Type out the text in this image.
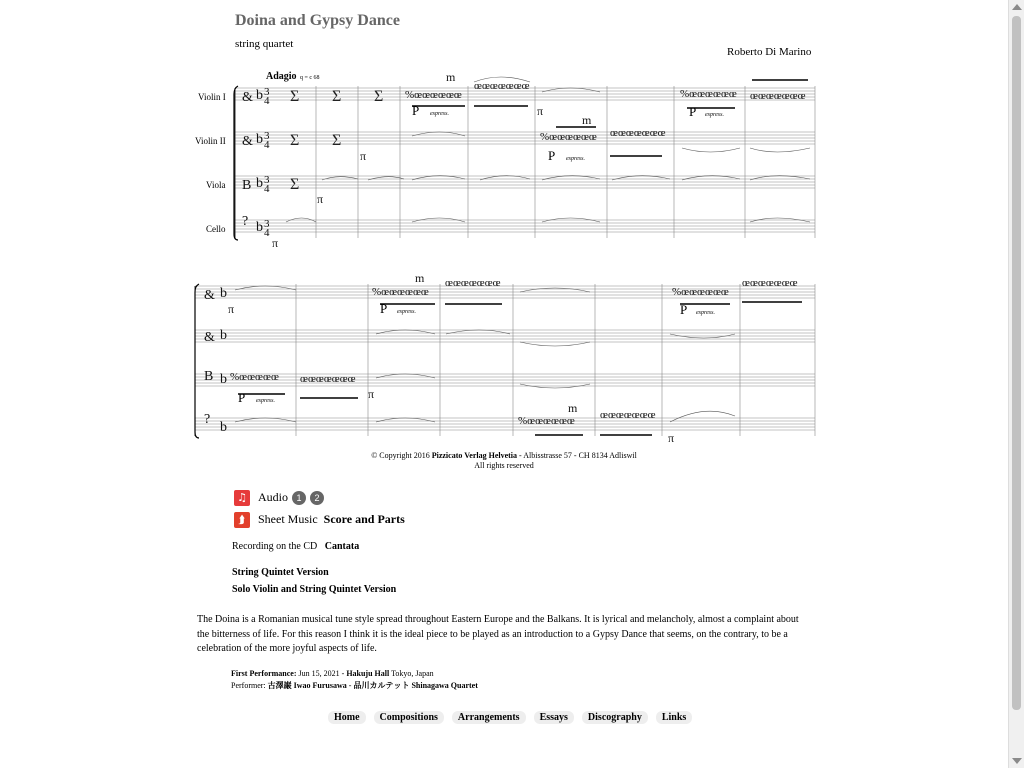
Doina and Gypsy Dance
string quartet
Roberto Di Marino
Adagio q = c 68
Violin I
Violin II
Viola
Cello
& b 3
4
& b 3
4
B b 3
4
? b 3
4
Σ Σ Σ
Σ Σ
Σ
%œœœœœœ
œœœœœœœ
%œœœœœœ œœœœœœœ
%œœœœœœ œœœœœœœ
m
m
π
π
π
π
P
P
P
espress.
espress.
espress.
& b
& b
B b
?
b
%œœœœœœ
œœœœœœœ
%œœœœœœ
œœœœœœœ
%œœœœœ œœœœœœœ
%œœœœœœ œœœœœœœ
m
m
π
π
π
P	P
P
espress.	espress.
espress.
© Copyright 2016 Pizzicato Verlag Helvetia - Albisstrasse 57 - CH 8134 Adliswil
All rights reserved
♫ Audio 1	2
⮭	Sheet Music Score and Parts
Recording on the CD Cantata
String Quintet Version
Solo Violin and String Quintet Version
The Doina is a Romanian musical tune style spread throughout Eastern Europe and the Balkans. It is lyrical and melancholy, almost a complaint about the bitterness of life. For this reason I think it is the ideal piece to be played as an introduction to a Gypsy Dance that seems, on the contrary, to be a celebration of the more joyful aspects of life.
First Performance: Jun 15, 2021 - Hakuju Hall Tokyo, Japan
Performer: 古澤巌 Iwao Furusawa - 品川カルテット Shinagawa Quartet
Home	Compositions	Arrangements	Essays	Discography	Links
